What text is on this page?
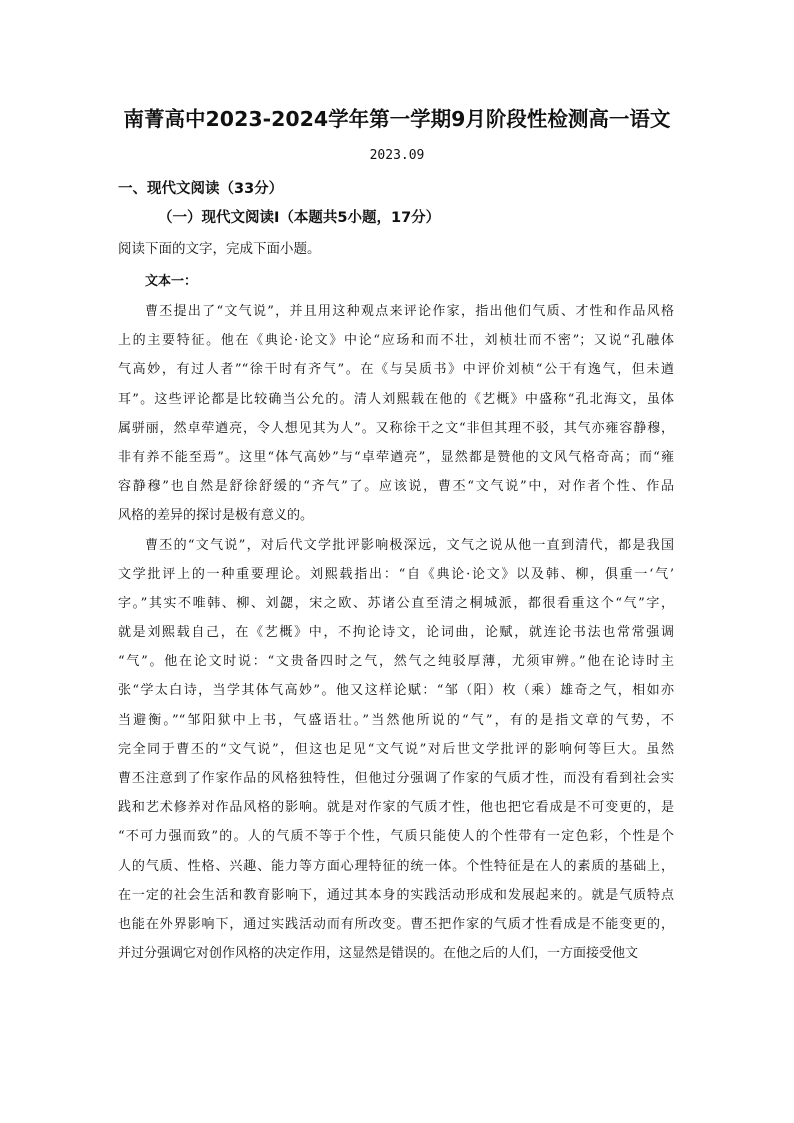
南菁高中2023-2024学年第一学期9月阶段性检测高一语文
2023.09
一、现代文阅读（33分）
（一）现代文阅读Ⅰ（本题共5小题，17分）
阅读下面的文字，完成下面小题。
文本一：
曹丕提出了“文气说”，并且用这种观点来评论作家，指出他们气质、才性和作品风格
上的主要特征。他在《典论·论文》中论“应玚和而不壮，刘桢壮而不密”；又说“孔融体
气高妙，有过人者”“徐干时有齐气”。在《与吴质书》中评价刘桢“公干有逸气，但未遒
耳”。这些评论都是比较确当公允的。清人刘熙载在他的《艺概》中盛称“孔北海文，虽体
属骈丽，然卓荦遒亮，令人想见其为人”。又称徐干之文“非但其理不驳，其气亦雍容静穆，
非有养不能至焉”。这里“体气高妙”与“卓荦遒亮”，显然都是赞他的文风气格奇高；而“雍
容静穆”也自然是舒徐舒缓的“齐气”了。应该说，曹丕“文气说”中，对作者个性、作品
风格的差异的探讨是极有意义的。
曹丕的“文气说”，对后代文学批评影响极深远，文气之说从他一直到清代，都是我国
文学批评上的一种重要理论。刘熙载指出：“自《典论·论文》以及韩、柳，俱重一‘气’
字。”其实不唯韩、柳、刘勰，宋之欧、苏诸公直至清之桐城派，都很看重这个“气”字，
就是刘熙载自己，在《艺概》中，不拘论诗文，论词曲，论赋，就连论书法也常常强调
“气”。他在论文时说：“文贵备四时之气，然气之纯驳厚薄，尤须审辨。”他在论诗时主
张“学太白诗，当学其体气高妙”。他又这样论赋：“邹（阳）枚（乘）雄奇之气，相如亦
当避衡。”“邹阳狱中上书，气盛语壮。”当然他所说的“气”，有的是指文章的气势，不
完全同于曹丕的“文气说”，但这也足见“文气说”对后世文学批评的影响何等巨大。虽然
曹丕注意到了作家作品的风格独特性，但他过分强调了作家的气质才性，而没有看到社会实
践和艺术修养对作品风格的影响。就是对作家的气质才性，他也把它看成是不可变更的，是
“不可力强而致”的。人的气质不等于个性，气质只能使人的个性带有一定色彩，个性是个
人的气质、性格、兴趣、能力等方面心理特征的统一体。个性特征是在人的素质的基础上，
在一定的社会生活和教育影响下，通过其本身的实践活动形成和发展起来的。就是气质特点
也能在外界影响下，通过实践活动而有所改变。曹丕把作家的气质才性看成是不能变更的，
并过分强调它对创作风格的决定作用，这显然是错误的。在他之后的人们，一方面接受他文
